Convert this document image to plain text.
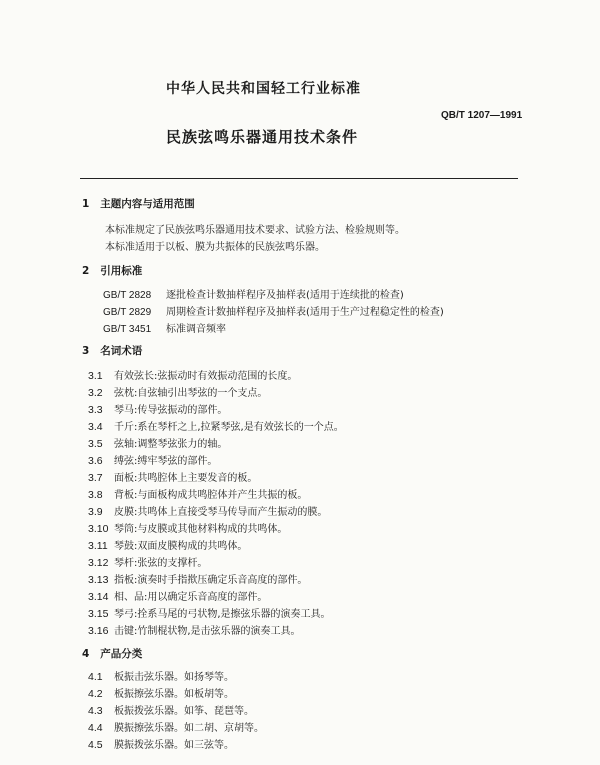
中华人民共和国轻工行业标准
QB/T 1207—1991
民族弦鸣乐器通用技术条件
1 主题内容与适用范围
本标准规定了民族弦鸣乐器通用技术要求、试验方法、检验规则等。
本标准适用于以板、膜为共振体的民族弦鸣乐器。
2 引用标准
GB/T 2828 逐批检查计数抽样程序及抽样表(适用于连续批的检查)
GB/T 2829 周期检查计数抽样程序及抽样表(适用于生产过程稳定性的检查)
GB/T 3451 标准调音频率
3 名词术语
3.1 有效弦长:弦振动时有效振动范围的长度。
3.2 弦枕:自弦轴引出琴弦的一个支点。
3.3 琴马:传导弦振动的部件。
3.4 千斤:系在琴杆之上,拉紧琴弦,是有效弦长的一个点。
3.5 弦轴:调整琴弦张力的轴。
3.6 缚弦:缚牢琴弦的部件。
3.7 面板:共鸣腔体上主要发音的板。
3.8 背板:与面板构成共鸣腔体并产生共振的板。
3.9 皮膜:共鸣体上直接受琴马传导而产生振动的膜。
3.10 琴筒:与皮膜或其他材料构成的共鸣体。
3.11 琴鼓:双面皮膜构成的共鸣体。
3.12 琴杆:张弦的支撑杆。
3.13 指板:演奏时手指揿压确定乐音高度的部件。
3.14 相、品:用以确定乐音高度的部件。
3.15 琴弓:拴系马尾的弓状物,是擦弦乐器的演奏工具。
3.16 击键:竹制棍状物,是击弦乐器的演奏工具。
4 产品分类
4.1 板振击弦乐器。如扬琴等。
4.2 板振擦弦乐器。如板胡等。
4.3 板振拨弦乐器。如筝、琵琶等。
4.4 膜振擦弦乐器。如二胡、京胡等。
4.5 膜振拨弦乐器。如三弦等。
